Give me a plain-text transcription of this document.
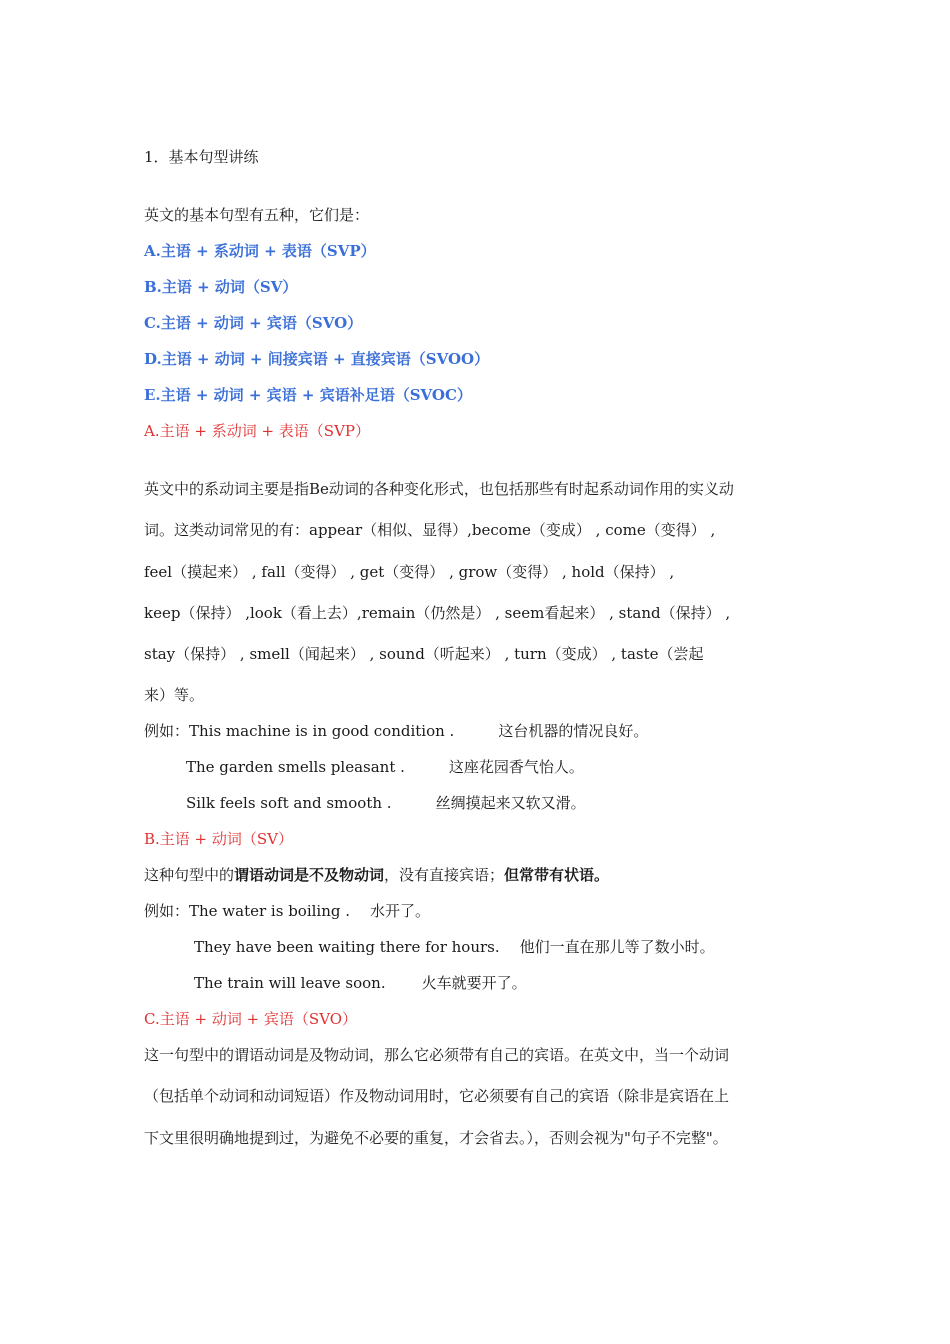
1．基本句型讲练
英文的基本句型有五种，它们是：
A.主语 + 系动词 + 表语（SVP）
B.主语 + 动词（SV）
C.主语 + 动词 + 宾语（SVO）
D.主语 + 动词 + 间接宾语 + 直接宾语（SVOO）
E.主语 + 动词 + 宾语 + 宾语补足语（SVOC）
A.主语 + 系动词 + 表语（SVP）
英文中的系动词主要是指Be动词的各种变化形式，也包括那些有时起系动词作用的实义动
词。这类动词常见的有：appear（相似、显得）,become（变成） , come（变得） ,
feel（摸起来） , fall（变得） , get（变得） , grow（变得） , hold（保持） ,
keep（保持） ,look（看上去）,remain（仍然是） , seem看起来） , stand（保持） ,
stay（保持） , smell（闻起来） , sound（听起来） , turn（变成） , taste（尝起
来）等。
例如：This machine is in good condition .	这台机器的情况良好。
The garden smells pleasant .	这座花园香气怡人。
Silk feels soft and smooth .	丝绸摸起来又软又滑。
B.主语 + 动词（SV）
这种句型中的谓语动词是不及物动词，没有直接宾语；但常带有状语。
例如：The water is boiling . 水开了。
They have been waiting there for hours. 他们一直在那儿等了数小时。
The train will leave soon. 火车就要开了。
C.主语 + 动词 + 宾语（SVO）
这一句型中的谓语动词是及物动词，那么它必须带有自己的宾语。在英文中，当一个动词
（包括单个动词和动词短语）作及物动词用时，它必须要有自己的宾语（除非是宾语在上
下文里很明确地提到过，为避免不必要的重复，才会省去。），否则会视为"句子不完整"。
